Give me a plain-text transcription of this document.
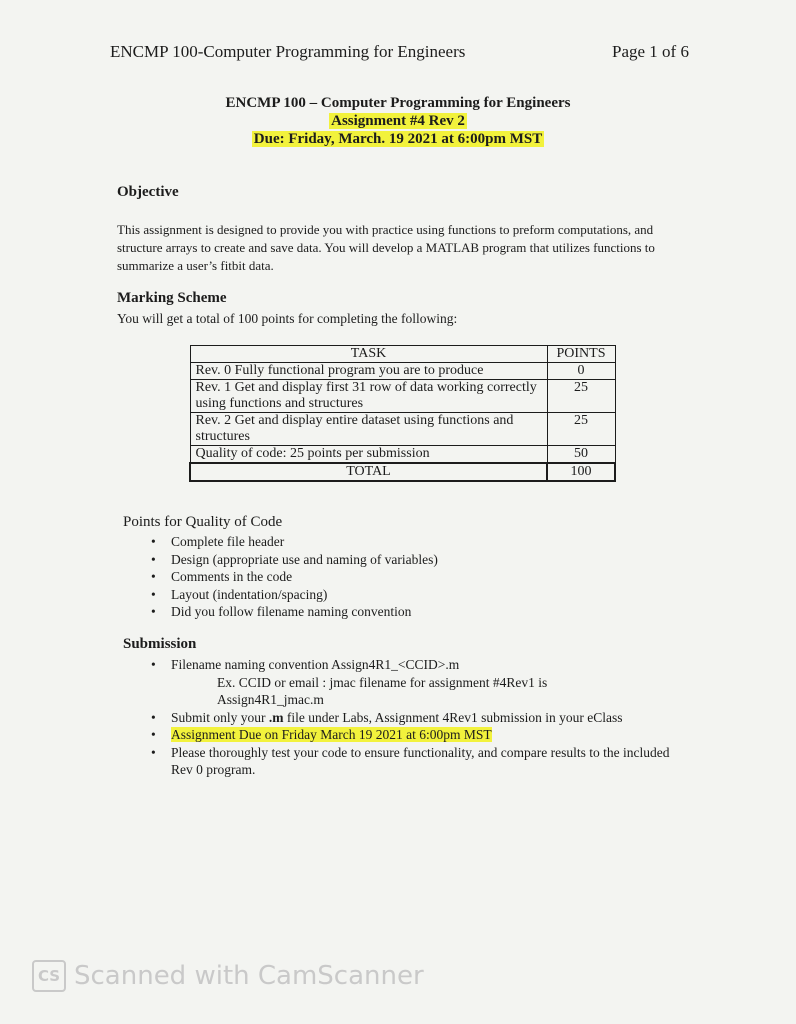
ENCMP 100-Computer Programming for Engineers	Page 1 of 6
ENCMP 100 – Computer Programming for Engineers
Assignment #4 Rev 2
Due: Friday, March. 19 2021 at 6:00pm MST
Objective
This assignment is designed to provide you with practice using functions to preform computations, and structure arrays to create and save data. You will develop a MATLAB program that utilizes functions to summarize a user’s fitbit data.
Marking Scheme
You will get a total of 100 points for completing the following:
TASK	POINTS
Rev. 0 Fully functional program you are to produce	0
Rev. 1 Get and display first 31 row of data working correctly using functions and structures	25
Rev. 2 Get and display entire dataset using functions and structures	25
Quality of code: 25 points per submission	50
TOTAL	100
Points for Quality of Code
• Complete file header
• Design (appropriate use and naming of variables)
• Comments in the code
• Layout (indentation/spacing)
• Did you follow filename naming convention
Submission
• Filename naming convention Assign4R1_<CCID>.m
Ex. CCID or email : jmac filename for assignment #4Rev1 is
Assign4R1_jmac.m
• Submit only your .m file under Labs, Assignment 4Rev1 submission in your eClass
• Assignment Due on Friday March 19 2021 at 6:00pm MST
• Please thoroughly test your code to ensure functionality, and compare results to the included Rev 0 program.
CS Scanned with CamScanner
